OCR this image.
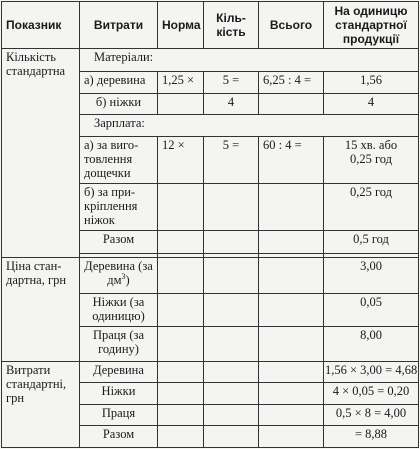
Показник	Витрати	Норма	Кіль-
кість	Всього	На одиницю
стандартної
продукції
Кількість
стандартна	Матеріали:				
	а) деревина	1,25 ×	5 =	6,25 : 4 =	1,56
	б) ніжки		4		4
	Зарплата:				
	а) за виго-
товлення
дощечки	12 ×	5 =	60 : 4 =	15 хв. або
0,25 год
	б) за при-
кріплення
ніжок				0,25 год
	Разом				0,5 год

Ціна стан-
дартна, грн	Деревина (за
$дм^3$)				3,00
	Ніжки (за
одиницю)				0,05
	Праця (за
годину)				8,00
Витрати
стандартні,
грн	Деревина				1,56 × 3,00 = 4,68
	Ніжки				4 × 0,05 = 0,20
	Праця				0,5 × 8 = 4,00
	Разом				= 8,88
